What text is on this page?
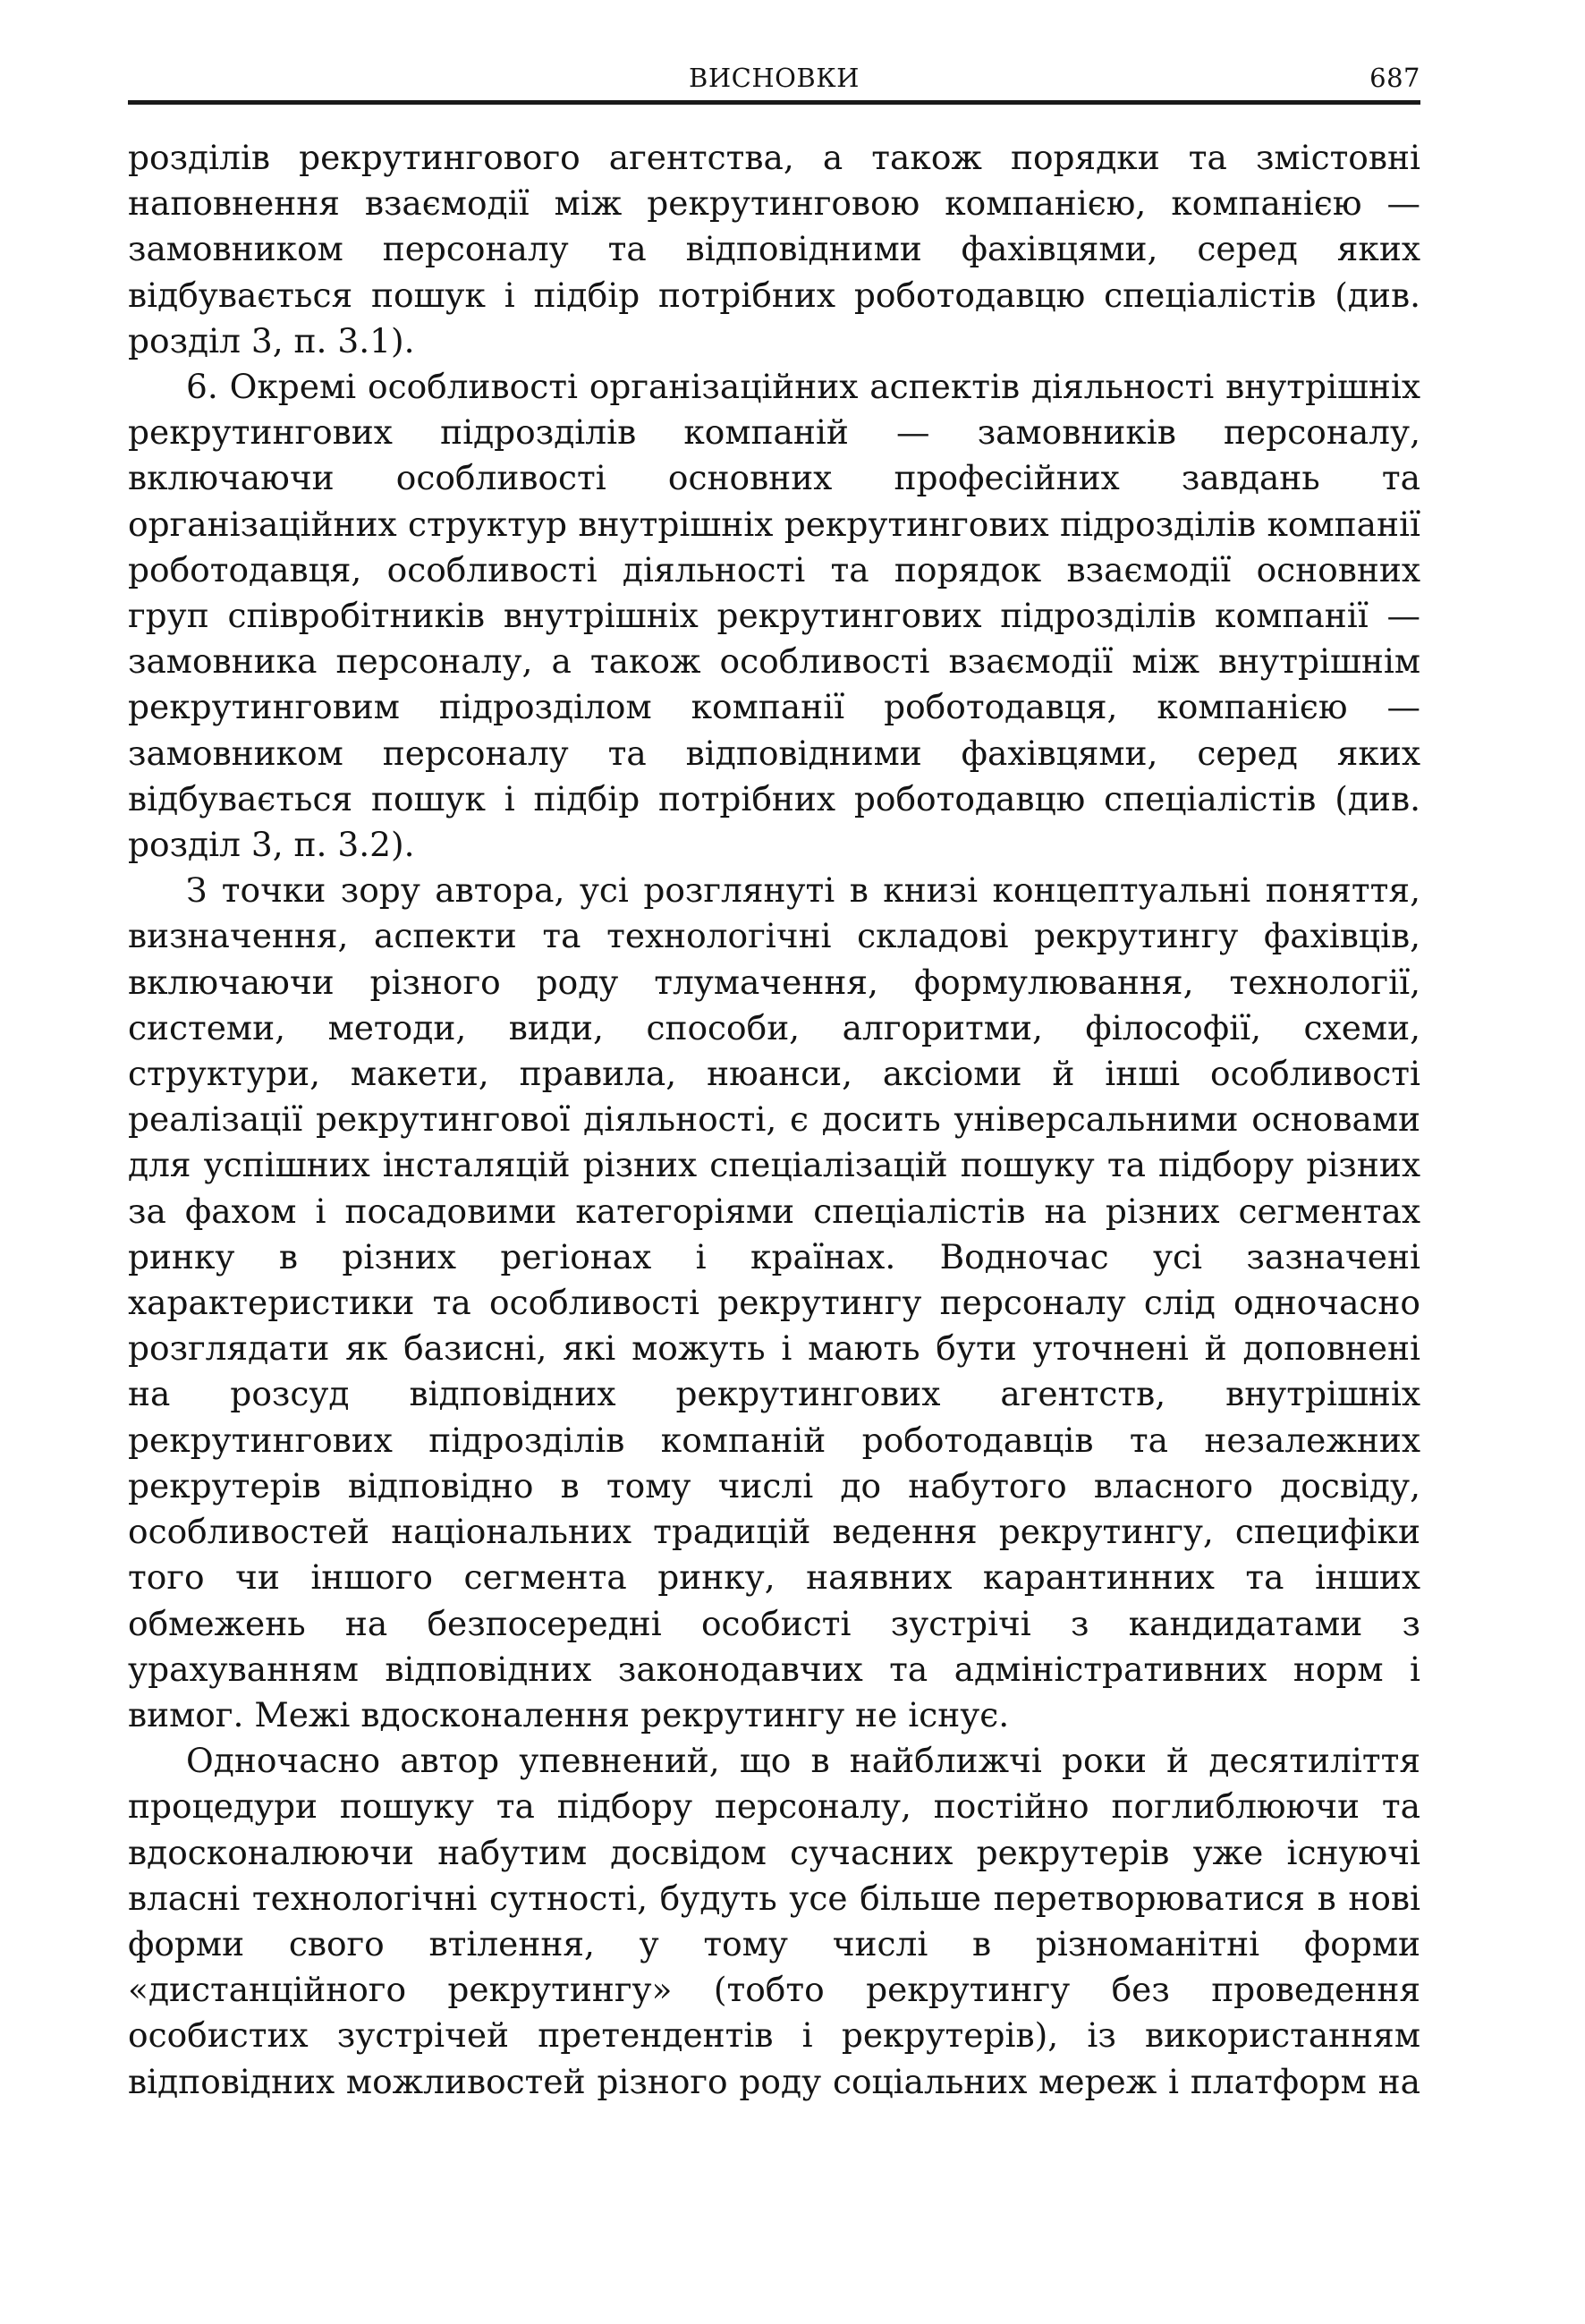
ВИСНОВКИ	687

розділів рекрутингового агентства, а також порядки та змістовні наповнення взаємодії між рекрутинговою компанією, компанією — замовником персоналу та відповідними фахівцями, серед яких відбувається пошук і підбір потрібних роботодавцю спеціалістів (див. розділ 3, п. 3.1).

6. Окремі особливості організаційних аспектів діяльності внутрішніх рекрутингових підрозділів компаній — замовників персоналу, включаючи особливості основних професійних завдань та організаційних структур внутрішніх рекрутингових підрозділів компанії роботодавця, особливості діяльності та порядок взаємодії основних груп співробітників внутрішніх рекрутингових підрозділів компанії — замовника персоналу, а також особливості взаємодії між внутрішнім рекрутинговим підрозділом компанії роботодавця, компанією — замовником персоналу та відповідними фахівцями, серед яких відбувається пошук і підбір потрібних роботодавцю спеціалістів (див. розділ 3, п. 3.2).

З точки зору автора, усі розглянуті в книзі концептуальні поняття, визначення, аспекти та технологічні складові рекрутингу фахівців, включаючи різного роду тлумачення, формулювання, технології, системи, методи, види, способи, алгоритми, філософії, схеми, структури, макети, правила, нюанси, аксіоми й інші особливості реалізації рекрутингової діяльності, є досить універсальними основами для успішних інсталяцій різних спеціалізацій пошуку та підбору різних за фахом і посадовими категоріями спеціалістів на різних сегментах ринку в різних регіонах і країнах. Водночас усі зазначені характеристики та особливості рекрутингу персоналу слід одночасно розглядати як базисні, які можуть і мають бути уточнені й доповнені на розсуд відповідних рекрутингових агентств, внутрішніх рекрутингових підрозділів компаній роботодавців та незалежних рекрутерів відповідно в тому числі до набутого власного досвіду, особливостей національних традицій ведення рекрутингу, специфіки того чи іншого сегмента ринку, наявних карантинних та інших обмежень на безпосередні особисті зустрічі з кандидатами з урахуванням відповідних законодавчих та адміністративних норм і вимог. Межі вдосконалення рекрутингу не існує.

Одночасно автор упевнений, що в найближчі роки й десятиліття процедури пошуку та підбору персоналу, постійно поглиблюючи та вдосконалюючи набутим досвідом сучасних рекрутерів уже існуючі власні технологічні сутності, будуть усе більше перетворюватися в нові форми свого втілення, у тому числі в різноманітні форми «дистанційного рекрутингу» (тобто рекрутингу без проведення особистих зустрічей претендентів і рекрутерів), із використанням відповідних можливостей різного роду соціальних мереж і платформ на
